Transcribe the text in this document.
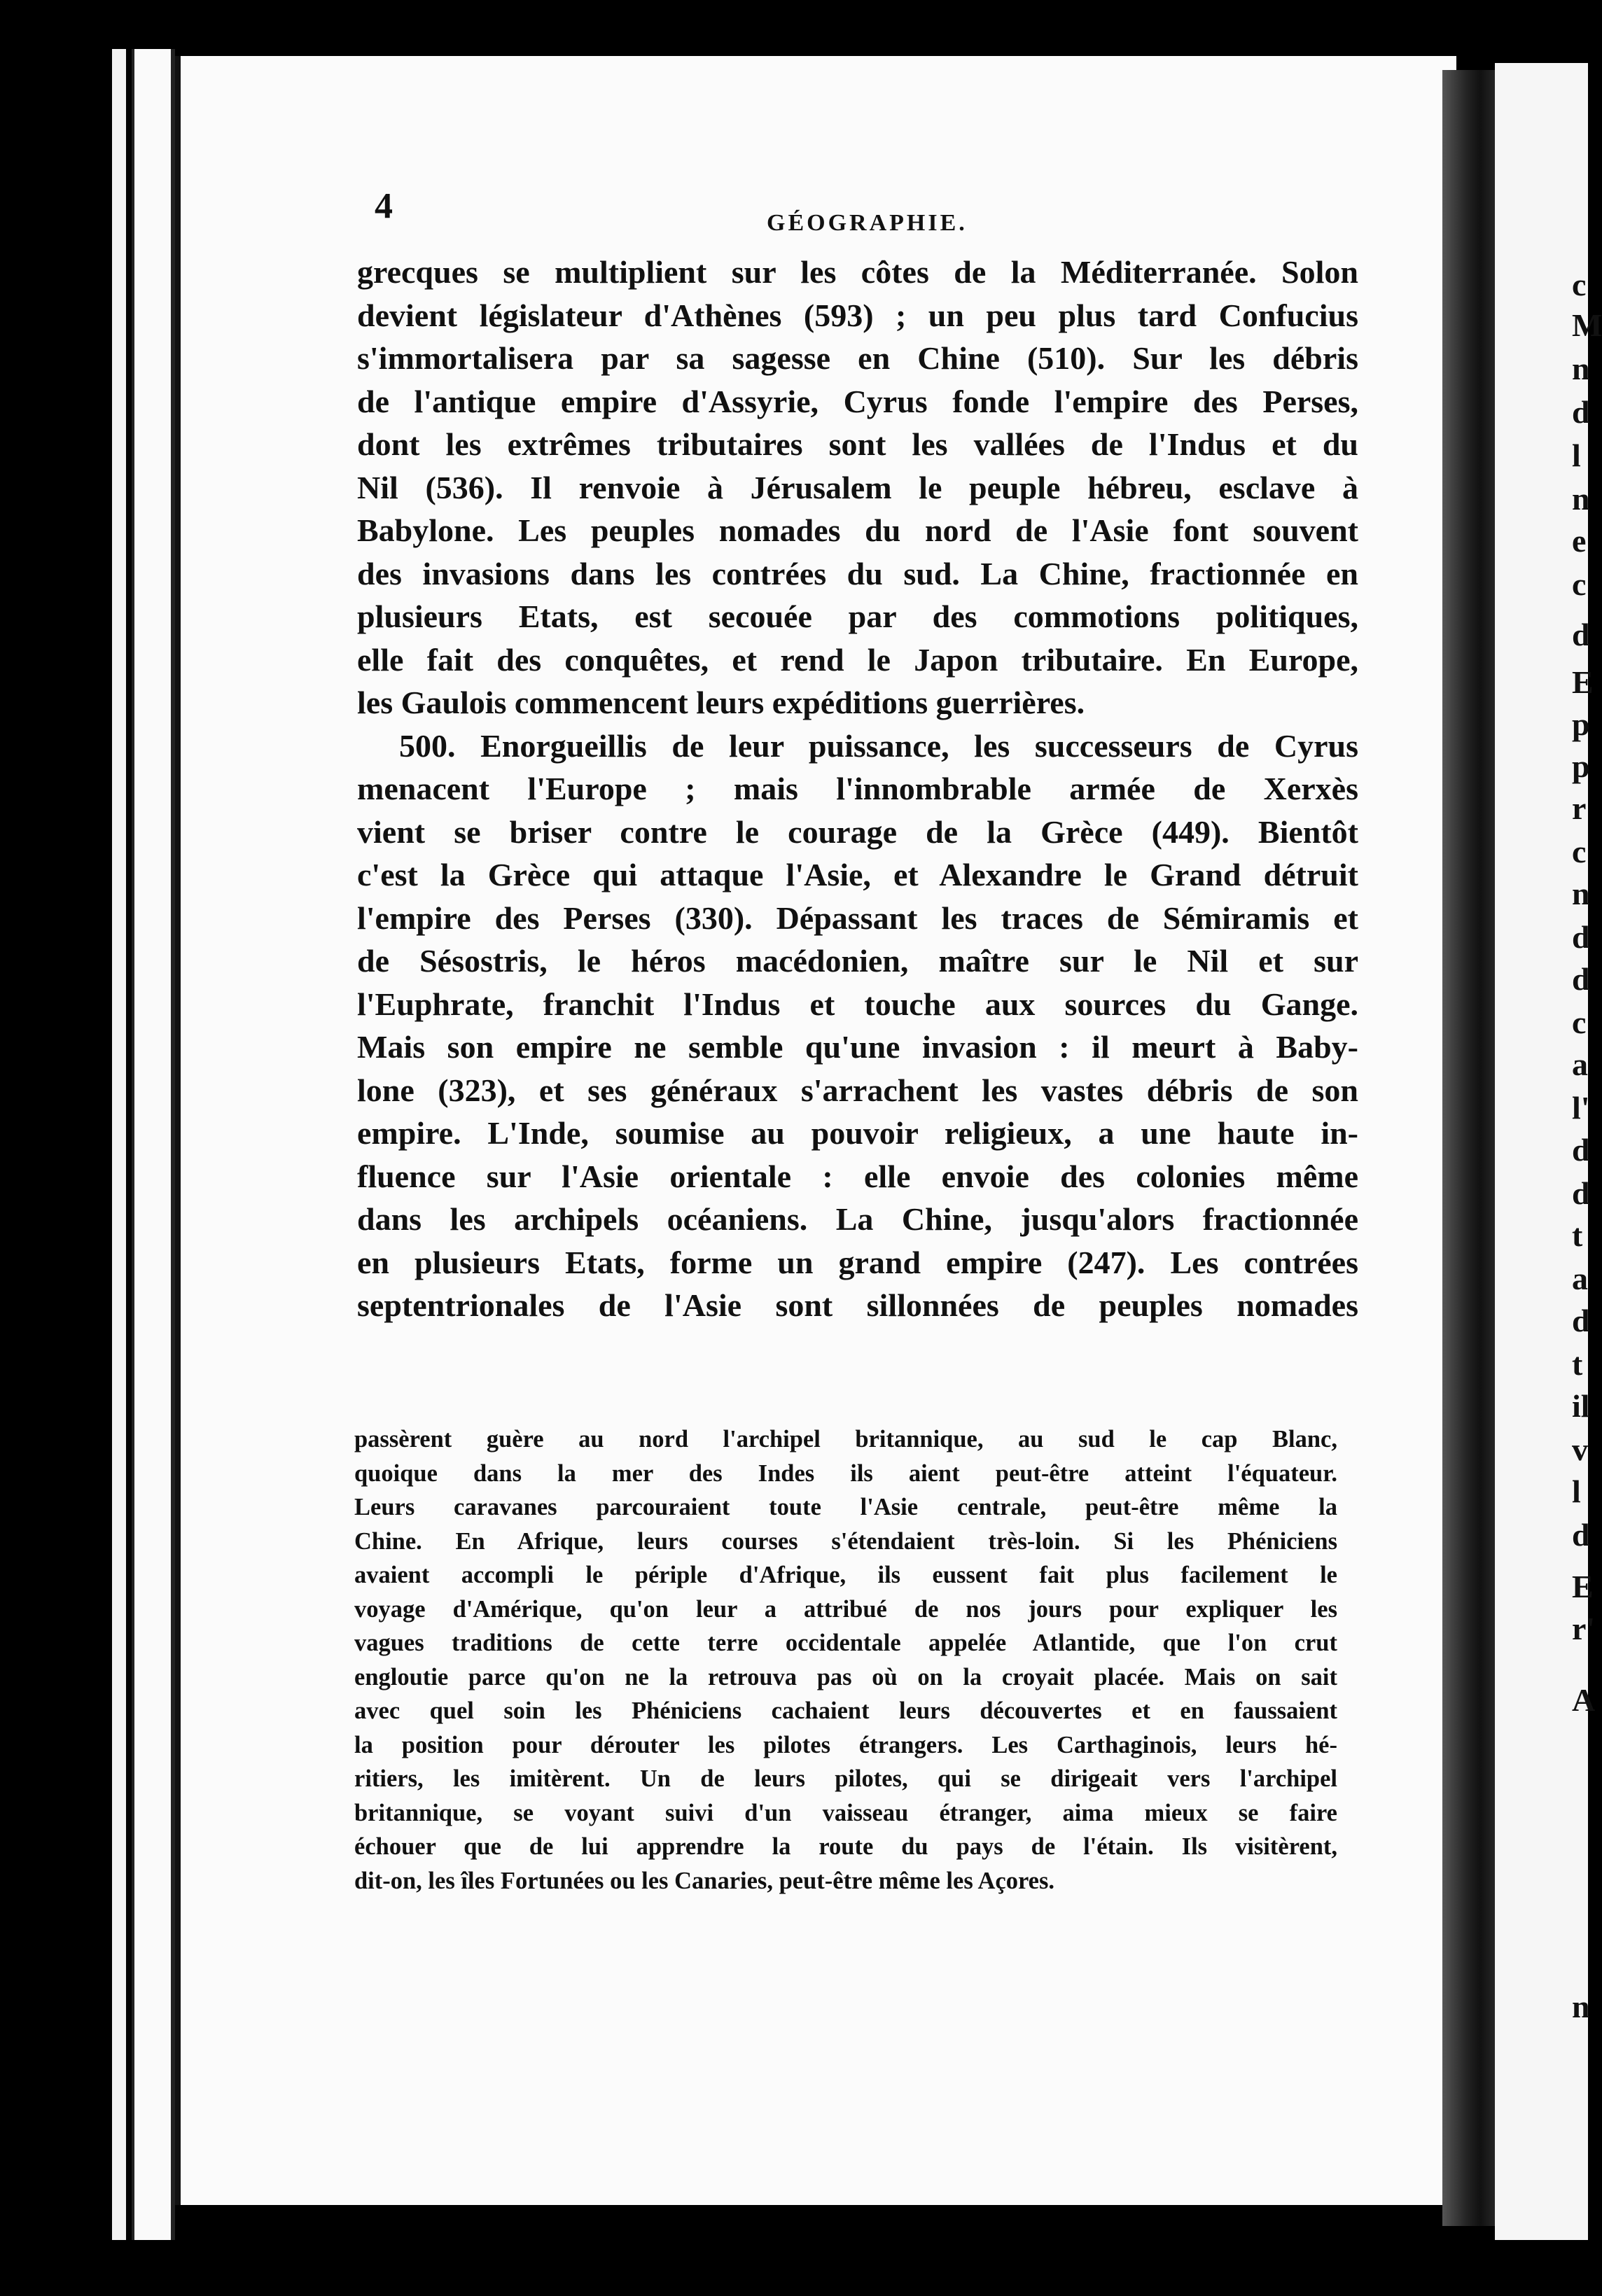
c
M
n
d
l
n
e
c
d
E
p
p
r
c
n
d
d
c
a
l'
d
d
t
a
d
t
il
v
l
d
E
r'
A
n
4	GÉOGRAPHIE.
grecques se multiplient sur les côtes de la Méditerranée. Solon
devient législateur d'Athènes (593) ; un peu plus tard Confucius
s'immortalisera par sa sagesse en Chine (510). Sur les débris
de l'antique empire d'Assyrie, Cyrus fonde l'empire des Perses,
dont les extrêmes tributaires sont les vallées de l'Indus et du
Nil (536). Il renvoie à Jérusalem le peuple hébreu, esclave à
Babylone. Les peuples nomades du nord de l'Asie font souvent
des invasions dans les contrées du sud. La Chine, fractionnée en
plusieurs Etats, est secouée par des commotions politiques,
elle fait des conquêtes, et rend le Japon tributaire. En Europe,
les Gaulois commencent leurs expéditions guerrières.
500. Enorgueillis de leur puissance, les successeurs de Cyrus
menacent l'Europe ; mais l'innombrable armée de Xerxès
vient se briser contre le courage de la Grèce (449). Bientôt
c'est la Grèce qui attaque l'Asie, et Alexandre le Grand détruit
l'empire des Perses (330). Dépassant les traces de Sémiramis et
de Sésostris, le héros macédonien, maître sur le Nil et sur
l'Euphrate, franchit l'Indus et touche aux sources du Gange.
Mais son empire ne semble qu'une invasion : il meurt à Baby-
lone (323), et ses généraux s'arrachent les vastes débris de son
empire. L'Inde, soumise au pouvoir religieux, a une haute in-
fluence sur l'Asie orientale : elle envoie des colonies même
dans les archipels océaniens. La Chine, jusqu'alors fractionnée
en plusieurs Etats, forme un grand empire (247). Les contrées
septentrionales de l'Asie sont sillonnées de peuples nomades
passèrent guère au nord l'archipel britannique, au sud le cap Blanc,
quoique dans la mer des Indes ils aient peut-être atteint l'équateur.
Leurs caravanes parcouraient toute l'Asie centrale, peut-être même la
Chine. En Afrique, leurs courses s'étendaient très-loin. Si les Phéniciens
avaient accompli le périple d'Afrique, ils eussent fait plus facilement le
voyage d'Amérique, qu'on leur a attribué de nos jours pour expliquer les
vagues traditions de cette terre occidentale appelée Atlantide, que l'on crut
engloutie parce qu'on ne la retrouva pas où on la croyait placée. Mais on sait
avec quel soin les Phéniciens cachaient leurs découvertes et en faussaient
la position pour dérouter les pilotes étrangers. Les Carthaginois, leurs hé-
ritiers, les imitèrent. Un de leurs pilotes, qui se dirigeait vers l'archipel
britannique, se voyant suivi d'un vaisseau étranger, aima mieux se faire
échouer que de lui apprendre la route du pays de l'étain. Ils visitèrent,
dit-on, les îles Fortunées ou les Canaries, peut-être même les Açores.
